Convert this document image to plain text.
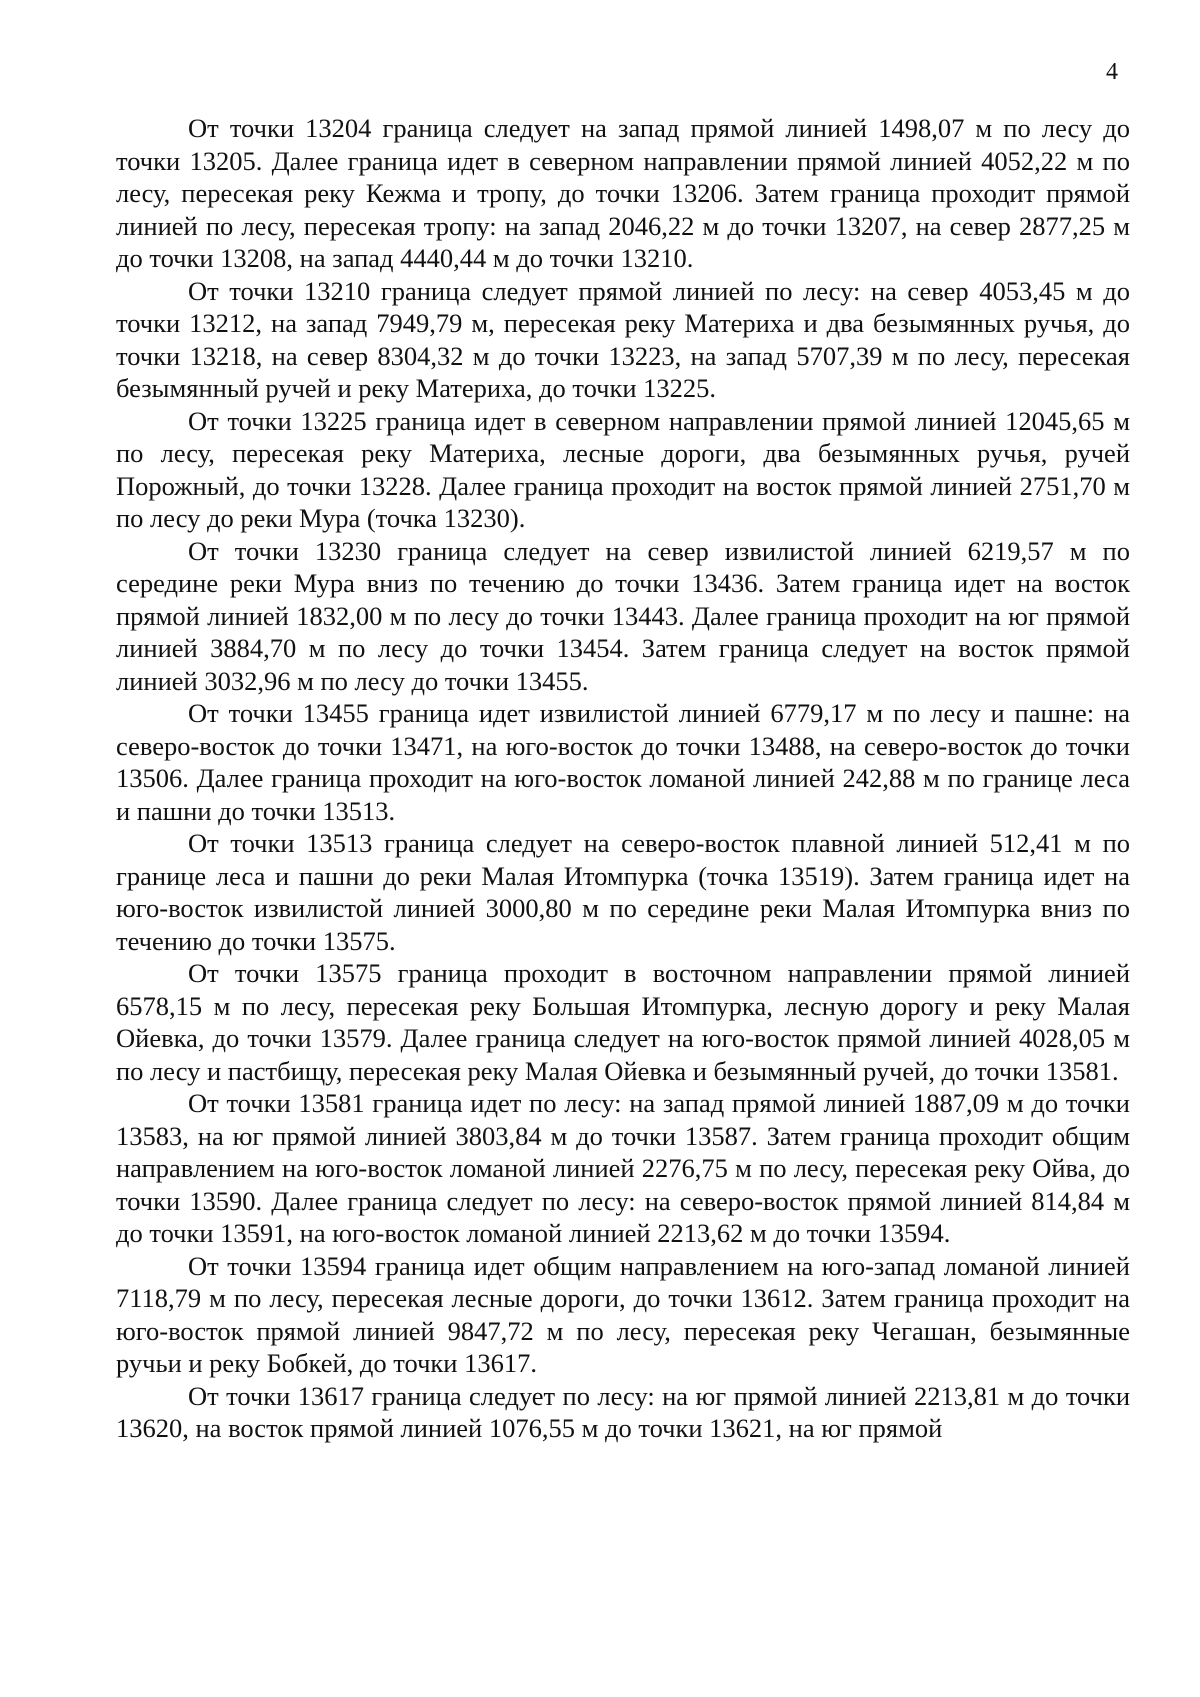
4

От точки 13204 граница следует на запад прямой линией 1498,07 м по лесу до точки 13205. Далее граница идет в северном направлении прямой линией 4052,22 м по лесу, пересекая реку Кежма и тропу, до точки 13206. Затем граница проходит прямой линией по лесу, пересекая тропу: на запад 2046,22 м до точки 13207, на север 2877,25 м до точки 13208, на запад 4440,44 м до точки 13210.

От точки 13210 граница следует прямой линией по лесу: на север 4053,45 м до точки 13212, на запад 7949,79 м, пересекая реку Материха и два безымянных ручья, до точки 13218, на север 8304,32 м до точки 13223, на запад 5707,39 м по лесу, пересекая безымянный ручей и реку Материха, до точки 13225.

От точки 13225 граница идет в северном направлении прямой линией 12045,65 м по лесу, пересекая реку Материха, лесные дороги, два безымянных ручья, ручей Порожный, до точки 13228. Далее граница проходит на восток прямой линией 2751,70 м по лесу до реки Мура (точка 13230).

От точки 13230 граница следует на север извилистой линией 6219,57 м по середине реки Мура вниз по течению до точки 13436. Затем граница идет на восток прямой линией 1832,00 м по лесу до точки 13443. Далее граница проходит на юг прямой линией 3884,70 м по лесу до точки 13454. Затем граница следует на восток прямой линией 3032,96 м по лесу до точки 13455.

От точки 13455 граница идет извилистой линией 6779,17 м по лесу и пашне: на северо-восток до точки 13471, на юго-восток до точки 13488, на северо-восток до точки 13506. Далее граница проходит на юго-восток ломаной линией 242,88 м по границе леса и пашни до точки 13513.

От точки 13513 граница следует на северо-восток плавной линией 512,41 м по границе леса и пашни до реки Малая Итомпурка (точка 13519). Затем граница идет на юго-восток извилистой линией 3000,80 м по середине реки Малая Итомпурка вниз по течению до точки 13575.

От точки 13575 граница проходит в восточном направлении прямой линией 6578,15 м по лесу, пересекая реку Большая Итомпурка, лесную дорогу и реку Малая Ойевка, до точки 13579. Далее граница следует на юго-восток прямой линией 4028,05 м по лесу и пастбищу, пересекая реку Малая Ойевка и безымянный ручей, до точки 13581.

От точки 13581 граница идет по лесу: на запад прямой линией 1887,09 м до точки 13583, на юг прямой линией 3803,84 м до точки 13587. Затем граница проходит общим направлением на юго-восток ломаной линией 2276,75 м по лесу, пересекая реку Ойва, до точки 13590. Далее граница следует по лесу: на северо-восток прямой линией 814,84 м до точки 13591, на юго-восток ломаной линией 2213,62 м до точки 13594.

От точки 13594 граница идет общим направлением на юго-запад ломаной линией 7118,79 м по лесу, пересекая лесные дороги, до точки 13612. Затем граница проходит на юго-восток прямой линией 9847,72 м по лесу, пересекая реку Чегашан, безымянные ручьи и реку Бобкей, до точки 13617.

От точки 13617 граница следует по лесу: на юг прямой линией 2213,81 м до точки 13620, на восток прямой линией 1076,55 м до точки 13621, на юг прямой
